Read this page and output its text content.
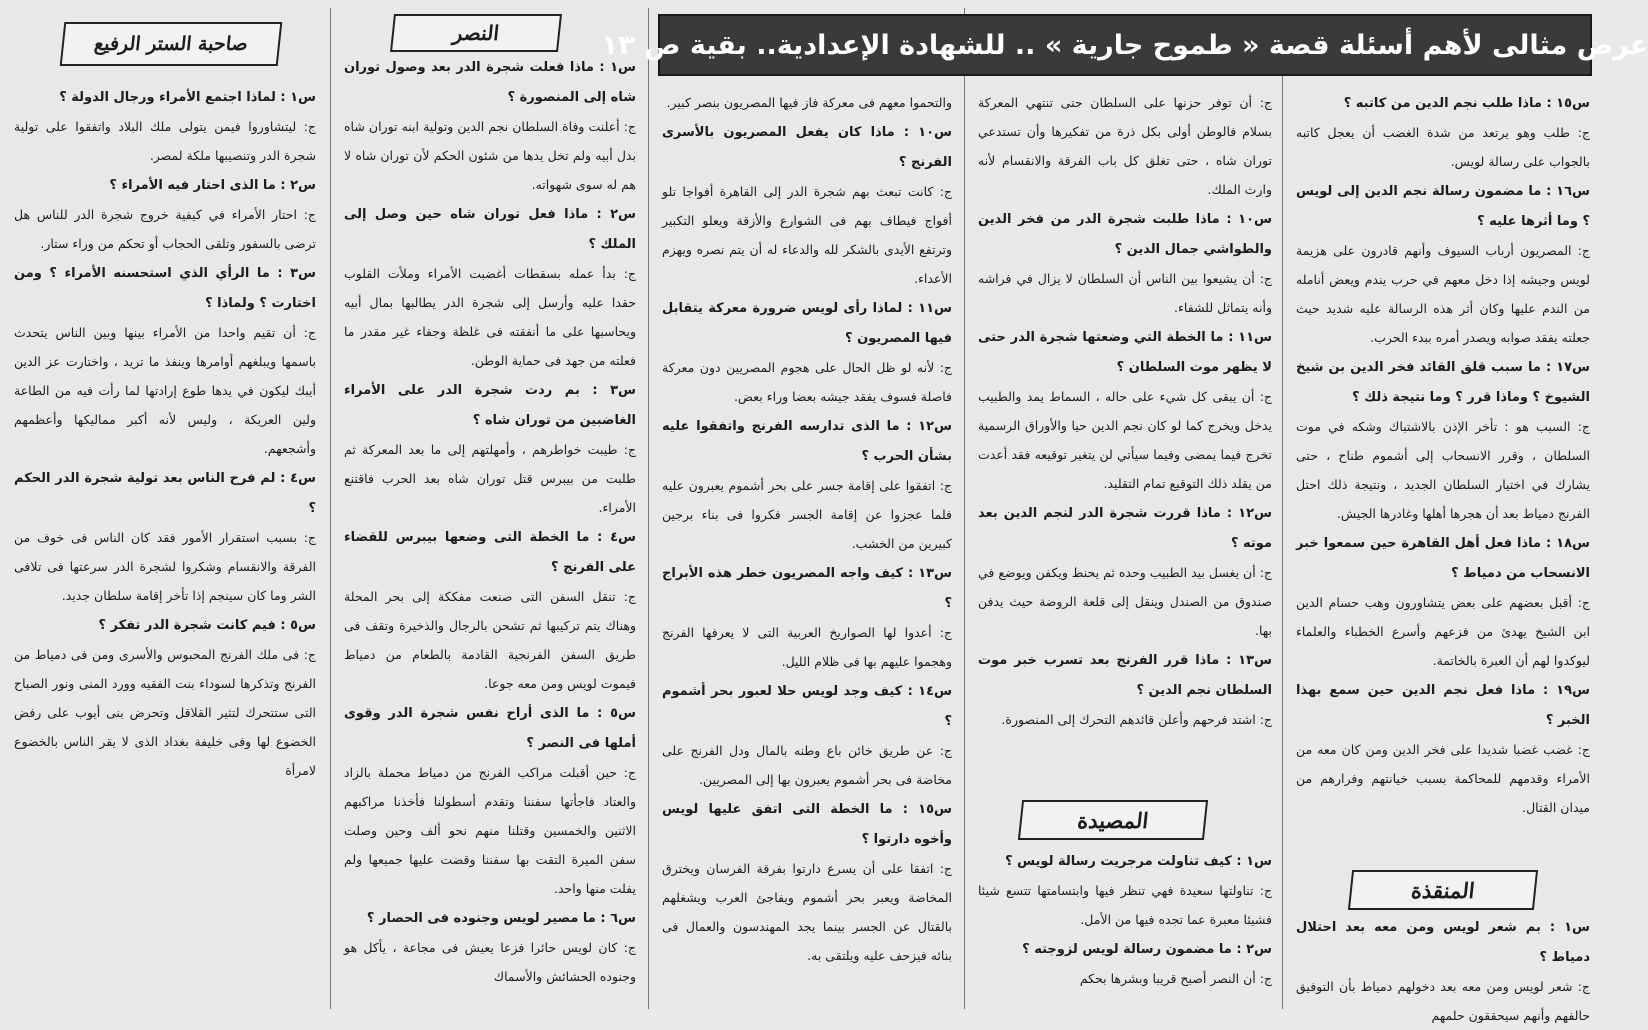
عرض مثالى لأهم أسئلة قصة « طموح جارية » .. للشهادة الإعدادية.. بقية ص ١٣
صاحبة الستر الرفيع	النصر
المصيدة
المنقذة
س١٥ : ماذا طلب نجم الدين من كاتبه ؟
ج: طلب وهو يرتعد من شدة الغضب أن يعجل كاتبه بالجواب على رسالة لويس.
س١٦ : ما مضمون رسالة نجم الدين إلى لويس ؟ وما أثرها عليه ؟
ج: المصريون أرباب السيوف وأنهم قادرون على هزيمة لويس وجيشه إذا دخل معهم في حرب يندم ويعض أنامله من الندم عليها وكان أثر هذه الرسالة عليه شديد حيث جعلته يفقد صوابه ويصدر أمره ببدء الحرب.
س١٧ : ما سبب قلق القائد فخر الدين بن شيخ الشيوخ ؟ وماذا قرر ؟ وما نتيجة ذلك ؟
ج: السبب هو : تأخر الإذن بالاشتباك وشكه في موت السلطان ، وقرر الانسحاب إلى أشموم طناح ، حتى يشارك في اختيار السلطان الجديد ، ونتيجة ذلك احتل الفرنج دمياط بعد أن هجرها أهلها وغادرها الجيش.
س١٨ : ماذا فعل أهل القاهرة حين سمعوا خبر الانسحاب من دمياط ؟
ج: أقبل بعضهم على بعض يتشاورون وهب حسام الدين ابن الشيخ يهدئ من فزعهم وأسرع الخطباء والعلماء ليوكدوا لهم أن العبرة بالخاتمة.
س١٩ : ماذا فعل نجم الدين حين سمع بهذا الخبر ؟
ج: غضب غضبا شديدا على فخر الدين ومن كان معه من الأمراء وقدمهم للمحاكمة بسبب خيانتهم وفرارهم من ميدان القتال.
س١ : بم شعر لويس ومن معه بعد احتلال دمياط ؟
ج: شعر لويس ومن معه بعد دخولهم دمياط بأن التوفيق حالفهم وأنهم سيحققون حلمهم
ج: أن توفر حزنها على السلطان حتى تنتهي المعركة بسلام فالوطن أولى بكل ذرة من تفكيرها وأن تستدعي توران شاه ، حتى تغلق كل باب الفرقة والانقسام لأنه وارث الملك.
س١٠ : ماذا طلبت شجرة الدر من فخر الدين والطواشي جمال الدين ؟
ج: أن يشيعوا بين الناس أن السلطان لا يزال في فراشه وأنه يتماثل للشفاء.
س١١ : ما الخطة التي وضعتها شجرة الدر حتى لا يظهر موت السلطان ؟
ج: أن يبقى كل شيء على حاله ، السماط يمد والطبيب يدخل ويخرج كما لو كان نجم الدين حيا والأوراق الرسمية تخرج فيما يمضى وفيما سيأتي لن يتغير توقيعه فقد أعدت من يقلد ذلك التوقيع تمام التقليد.
س١٢ : ماذا قررت شجرة الدر لنجم الدين بعد موته ؟
ج: أن يغسل بيد الطبيب وحده ثم يحنط ويكفن ويوضع في صندوق من الصندل وينقل إلى قلعة الروضة حيث يدفن بها.
س١٣ : ماذا قرر الفرنج بعد تسرب خبر موت السلطان نجم الدين ؟
ج: اشتد فرحهم وأعلن قائدهم التحرك إلى المنصورة.
س١ : كيف تناولت مرجريت رسالة لويس ؟
ج: تناولتها سعيدة فهي تنظر فيها وابتسامتها تتسع شيئا فشيئا معبرة عما تجده فيها من الأمل.
س٢ : ما مضمون رسالة لويس لزوجته ؟
ج: أن النصر أصبح قريبا وبشرها بحكم
والتحموا معهم فى معركة فاز فيها المصريون بنصر كبير.
س١٠ : ماذا كان يفعل المصريون بالأسرى الفرنج ؟
ج: كانت تبعث بهم شجرة الدر إلى القاهرة أفواجا تلو أفواج فيطاف بهم فى الشوارع والأزقة ويعلو التكبير وترتفع الأيدى بالشكر لله والدعاء له أن يتم نصره ويهزم الأعداء.
س١١ : لماذا رأى لويس ضرورة معركة يتقابل فيها المصريون ؟
ج: لأنه لو ظل الحال على هجوم المصريين دون معركة فاصلة فسوف يفقد جيشه بعضا وراء بعض.
س١٢ : ما الذى تدارسه الفرنج واتفقوا عليه بشأن الحرب ؟
ج: اتفقوا على إقامة جسر على بحر أشموم يعبرون عليه فلما عجزوا عن إقامة الجسر فكروا فى بناء برجين كبيرين من الخشب.
س١٣ : كيف واجه المصريون خطر هذه الأبراج ؟
ج: أعدوا لها الصواريخ العربية التى لا يعرفها الفرنج وهجموا عليهم بها فى ظلام الليل.
س١٤ : كيف وجد لويس حلا لعبور بحر أشموم ؟
ج: عن طريق خائن باع وطنه بالمال ودل الفرنج على مخاضة فى بحر أشموم يعبرون بها إلى المصريين.
س١٥ : ما الخطة التى اتفق عليها لويس وأخوه دارتوا ؟
ج: اتفقا على أن يسرع دارتوا بفرقة الفرسان ويخترق المخاضة ويعبر بحر أشموم ويفاجئ العرب ويشغلهم بالقتال عن الجسر بينما يجد المهندسون والعمال فى بنائه فيزحف عليه ويلتقى به.
س١ : ماذا فعلت شجرة الدر بعد وصول توران شاه إلى المنصورة ؟
ج: أعلنت وفاة السلطان نجم الدين وتولية ابنه توران شاه بدل أبيه ولم تخل يدها من شئون الحكم لأن توران شاه لا هم له سوى شهواته.
س٢ : ماذا فعل توران شاه حين وصل إلى الملك ؟
ج: بدأ عمله بسقطات أغضبت الأمراء وملأت القلوب حقدا عليه وأرسل إلى شجرة الدر يطالبها بمال أبيه ويحاسبها على ما أنفقته فى غلظة وجفاء غير مقدر ما فعلته من جهد فى حماية الوطن.
س٣ : بم ردت شجرة الدر على الأمراء الغاضبين من توران شاه ؟
ج: طيبت خواطرهم ، وأمهلتهم إلى ما بعد المعركة ثم طلبت من بيبرس قتل توران شاه بعد الحرب فاقتنع الأمراء.
س٤ : ما الخطة التى وضعها بيبرس للقضاء على الفرنج ؟
ج: تنقل السفن التى صنعت مفككة إلى بحر المحلة وهناك يتم تركيبها ثم تشحن بالرجال والذخيرة وتقف فى طريق السفن الفرنجية القادمة بالطعام من دمياط فيموت لويس ومن معه جوعا.
س٥ : ما الذى أراح نفس شجرة الدر وقوى أملها فى النصر ؟
ج: حين أقبلت مراكب الفرنج من دمياط محملة بالزاد والعتاد فاجأتها سفننا وتقدم أسطولنا فأخذنا مراكبهم الاثنين والخمسين وقتلنا منهم نحو ألف وحين وصلت سفن الميرة التقت بها سفننا وقضت عليها جميعها ولم يفلت منها واحد.
س٦ : ما مصير لويس وجنوده فى الحصار ؟
ج: كان لويس حائرا فزعا يعيش فى مجاعة ، يأكل هو وجنوده الحشائش والأسماك
س١ : لماذا اجتمع الأمراء ورجال الدولة ؟
ج: ليتشاوروا فيمن يتولى ملك البلاد واتفقوا على تولية شجرة الدر وتنصيبها ملكة لمصر.
س٢ : ما الذى احتار فيه الأمراء ؟
ج: احتار الأمراء في كيفية خروج شجرة الدر للناس هل ترضى بالسفور وتلقى الحجاب أو تحكم من وراء ستار.
س٣ : ما الرأي الذي استحسنه الأمراء ؟ ومن اختارت ؟ ولماذا ؟
ج: أن تقيم واحدا من الأمراء بينها وبين الناس يتحدث باسمها ويبلغهم أوامرها وينفذ ما تريد ، واختارت عز الدين أيبك ليكون في يدها طوع إرادتها لما رأت فيه من الطاعة ولين العريكة ، وليس لأنه أكبر مماليكها وأعظمهم وأشجعهم.
س٤ : لم فرح الناس بعد تولية شجرة الدر الحكم ؟
ج: بسبب استقرار الأمور فقد كان الناس فى خوف من الفرقة والانقسام وشكروا لشجرة الدر سرعتها فى تلافى الشر وما كان سينجم إذا تأخر إقامة سلطان جديد.
س٥ : فيم كانت شجرة الدر تفكر ؟
ج: فى ملك الفرنج المحبوس والأسرى ومن فى دمياط من الفرنج وتذكرها لسوداء بنت الفقيه وورد المنى ونور الصباح التى ستتحرك لتثير القلاقل وتحرض بنى أيوب على رفض الخضوع لها وفى خليفة بغداد الذى لا يقر الناس بالخضوع لامرأة
